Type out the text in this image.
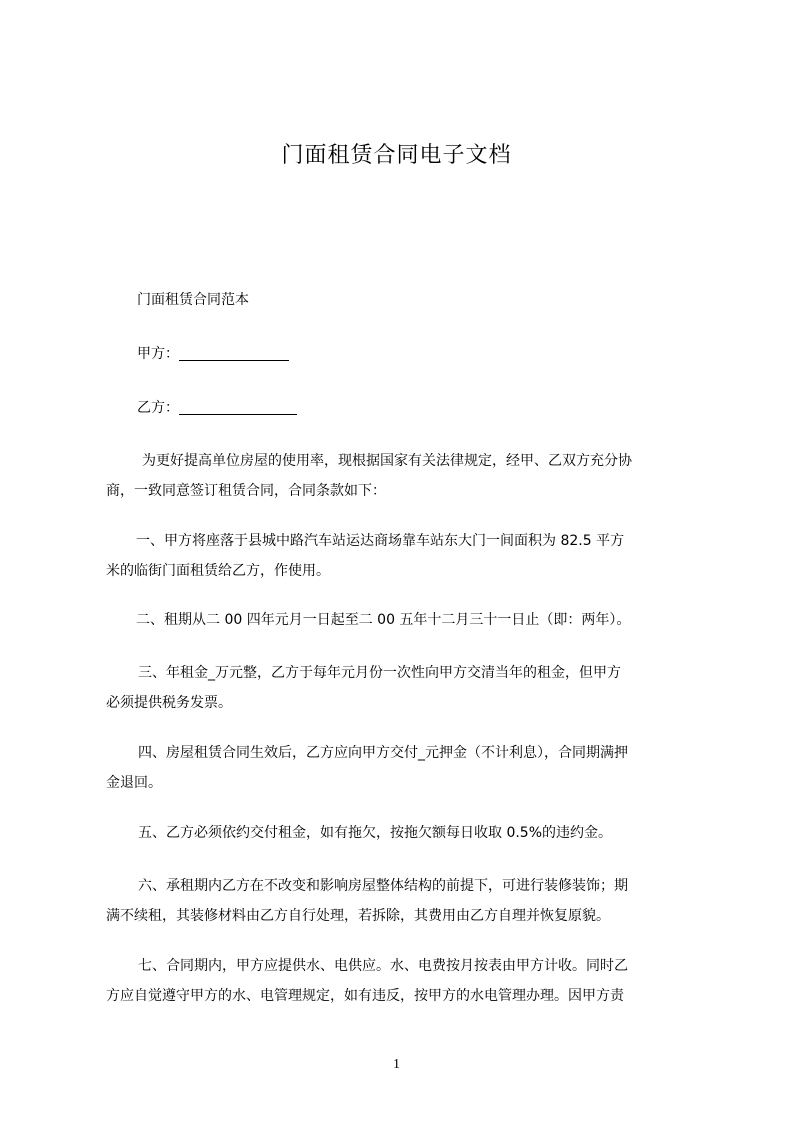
门面租赁合同电子文档

门面租赁合同范本

甲方：

乙方：

为更好提高单位房屋的使用率，现根据国家有关法律规定，经甲、乙双方充分协
商，一致同意签订租赁合同，合同条款如下：

一、甲方将座落于县城中路汽车站运达商场靠车站东大门一间面积为 82.5 平方
米的临街门面租赁给乙方，作使用。

二、租期从二 00 四年元月一日起至二 00 五年十二月三十一日止（即：两年）。

三、年租金_万元整，乙方于每年元月份一次性向甲方交清当年的租金，但甲方
必须提供税务发票。

四、房屋租赁合同生效后，乙方应向甲方交付_元押金（不计利息），合同期满押
金退回。

五、乙方必须依约交付租金，如有拖欠，按拖欠额每日收取 0.5%的违约金。

六、承租期内乙方在不改变和影响房屋整体结构的前提下，可进行装修装饰；期
满不续租，其装修材料由乙方自行处理，若拆除，其费用由乙方自理并恢复原貌。

七、合同期内，甲方应提供水、电供应。水、电费按月按表由甲方计收。同时乙
方应自觉遵守甲方的水、电管理规定，如有违反，按甲方的水电管理办理。因甲方责

1
